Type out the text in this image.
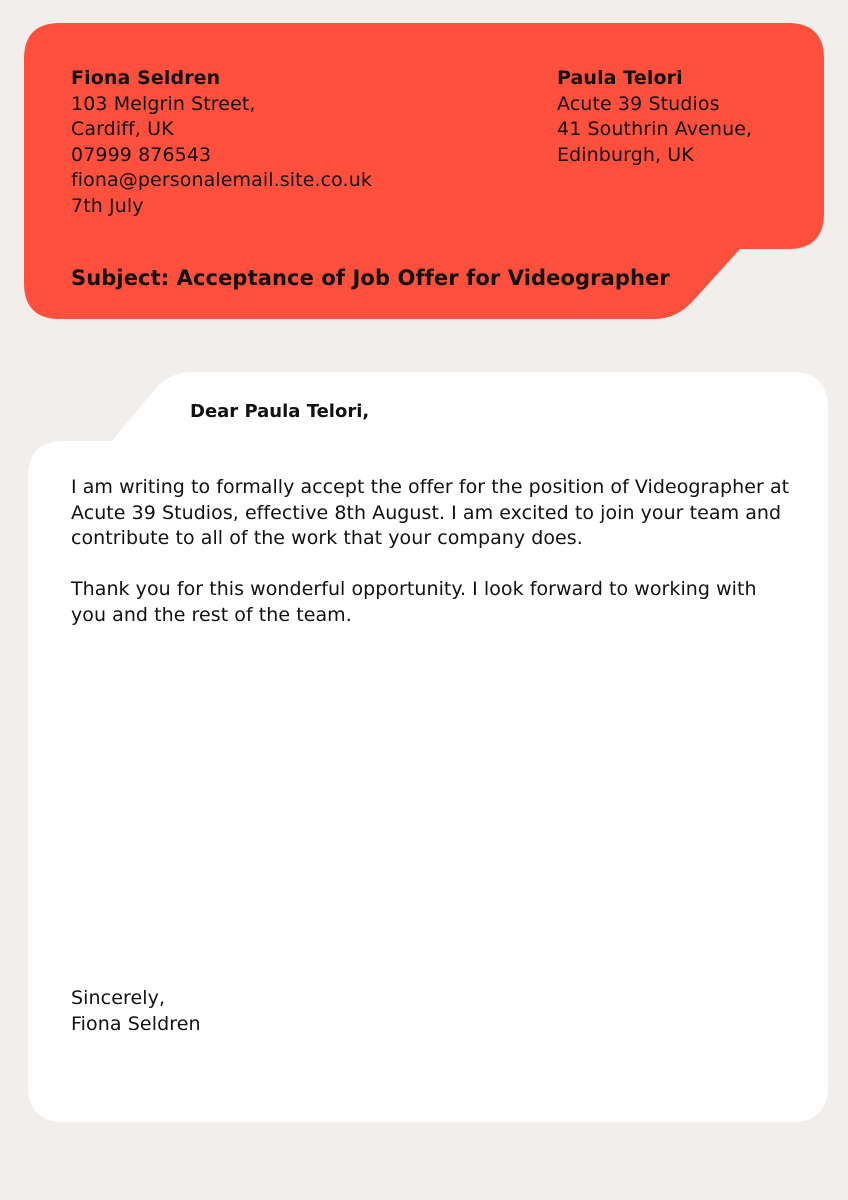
Fiona Seldren
103 Melgrin Street,
Cardiff, UK
07999 876543
fiona@personalemail.site.co.uk
7th July
Paula Telori
Acute 39 Studios
41 Southrin Avenue,
Edinburgh, UK
Subject: Acceptance of Job Offer for Videographer
Dear Paula Telori,

I am writing to formally accept the offer for the position of Videographer at Acute 39 Studios, effective 8th August. I am excited to join your team and contribute to all of the work that your company does.

Thank you for this wonderful opportunity. I look forward to working with you and the rest of the team.

Sincerely,
Fiona Seldren
